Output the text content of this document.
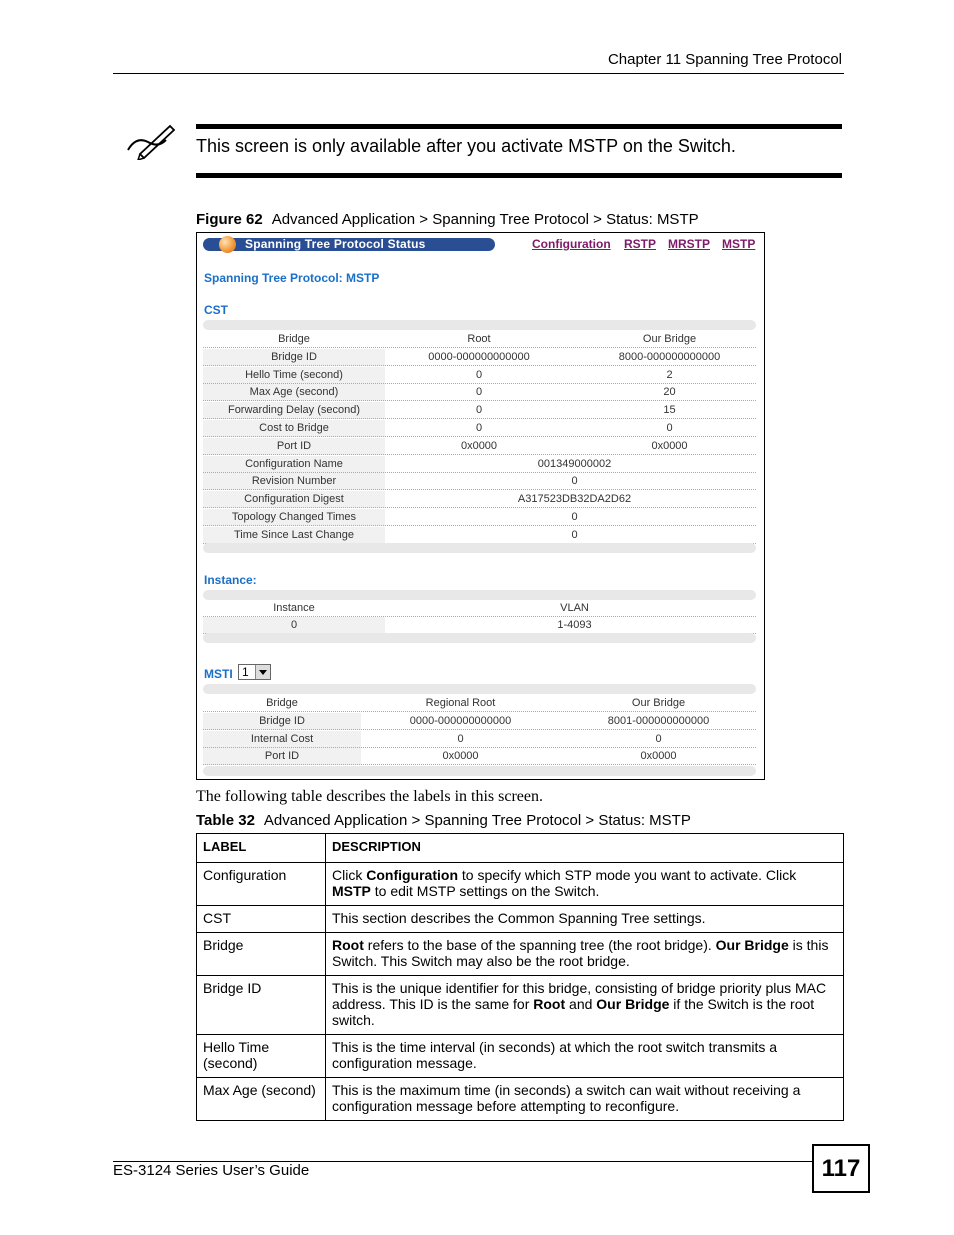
Chapter 11 Spanning Tree Protocol
This screen is only available after you activate MSTP on the Switch.
Figure 62 Advanced Application > Spanning Tree Protocol > Status: MSTP
Spanning Tree Protocol Status	Configuration RSTP MRSTP MSTP
Spanning Tree Protocol: MSTP
CST
Bridge	Root	Our Bridge
Bridge ID	0000-000000000000	8000-000000000000
Hello Time (second)	0	2
Max Age (second)	0	20
Forwarding Delay (second)	0	15
Cost to Bridge	0	0
Port ID	0x0000	0x0000
Configuration Name	001349000002
Revision Number	0
Configuration Digest	A317523DB32DA2D62
Topology Changed Times	0
Time Since Last Change	0
Instance:
Instance	VLAN
0	1-4093
MSTI 1
Bridge	Regional Root	Our Bridge
Bridge ID	0000-000000000000	8001-000000000000
Internal Cost	0	0
Port ID	0x0000	0x0000
The following table describes the labels in this screen.
Table 32 Advanced Application > Spanning Tree Protocol > Status: MSTP
LABEL	DESCRIPTION
Configuration	Click Configuration to specify which STP mode you want to activate. Click MSTP to edit MSTP settings on the Switch.
CST	This section describes the Common Spanning Tree settings.
Bridge	Root refers to the base of the spanning tree (the root bridge). Our Bridge is this Switch. This Switch may also be the root bridge.
Bridge ID	This is the unique identifier for this bridge, consisting of bridge priority plus MAC address. This ID is the same for Root and Our Bridge if the Switch is the root switch.
Hello Time (second)	This is the time interval (in seconds) at which the root switch transmits a configuration message.
Max Age (second)	This is the maximum time (in seconds) a switch can wait without receiving a configuration message before attempting to reconfigure.
ES-3124 Series User’s Guide	117
